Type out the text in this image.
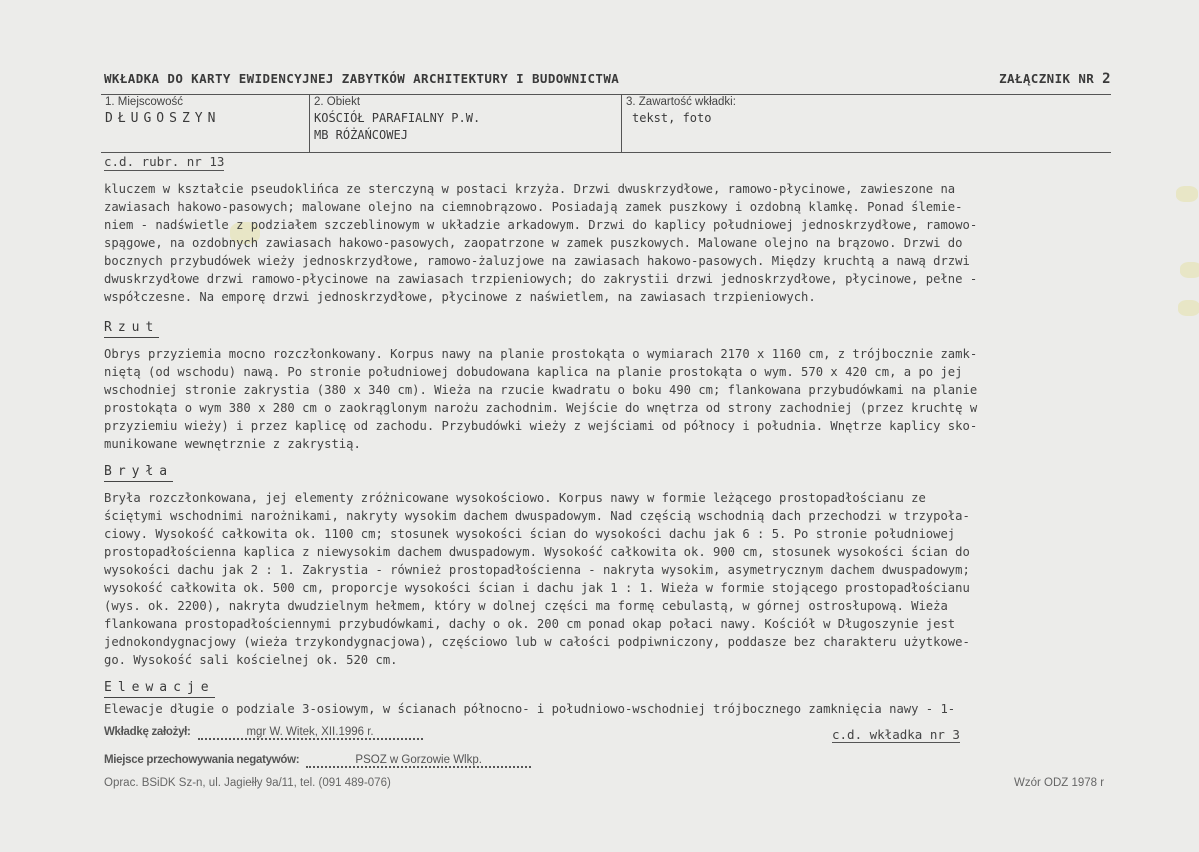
WKŁADKA DO KARTY EWIDENCYJNEJ ZABYTKÓW ARCHITEKTURY I BUDOWNICTWA	ZAŁĄCZNIK NR 2
1. Miejscowość
DŁUGOSZYN
2. Obiekt
KOŚCIÓŁ PARAFIALNY P.W.
MB RÓŻAŃCOWEJ
3. Zawartość wkładki:
tekst, foto
c.d. rubr. nr 13
kluczem w kształcie pseudoklińca ze sterczyną w postaci krzyża. Drzwi dwuskrzydłowe, ramowo-płycinowe, zawieszone na
zawiasach hakowo-pasowych; malowane olejno na ciemnobrązowo. Posiadają zamek puszkowy i ozdobną klamkę. Ponad ślemie-
niem - nadświetle z podziałem szczeblinowym w układzie arkadowym. Drzwi do kaplicy południowej jednoskrzydłowe, ramowo-
spągowe, na ozdobnych zawiasach hakowo-pasowych, zaopatrzone w zamek puszkowych. Malowane olejno na brązowo. Drzwi do
bocznych przybudówek wieży jednoskrzydłowe, ramowo-żaluzjowe na zawiasach hakowo-pasowych. Między kruchtą a nawą drzwi
dwuskrzydłowe drzwi ramowo-płycinowe na zawiasach trzpieniowych; do zakrystii drzwi jednoskrzydłowe, płycinowe, pełne -
współczesne. Na emporę drzwi jednoskrzydłowe, płycinowe z naświetlem, na zawiasach trzpieniowych.
Rzut
Obrys przyziemia mocno rozczłonkowany. Korpus nawy na planie prostokąta o wymiarach 2170 x 1160 cm, z trójbocznie zamk-
niętą (od wschodu) nawą. Po stronie południowej dobudowana kaplica na planie prostokąta o wym. 570 x 420 cm, a po jej
wschodniej stronie zakrystia (380 x 340 cm). Wieża na rzucie kwadratu o boku 490 cm; flankowana przybudówkami na planie
prostokąta o wym 380 x 280 cm o zaokrąglonym narożu zachodnim. Wejście do wnętrza od strony zachodniej (przez kruchtę w
przyziemiu wieży) i przez kaplicę od zachodu. Przybudówki wieży z wejściami od północy i południa. Wnętrze kaplicy sko-
munikowane wewnętrznie z zakrystią.
Bryła
Bryła rozczłonkowana, jej elementy zróżnicowane wysokościowo. Korpus nawy w formie leżącego prostopadłościanu ze
ściętymi wschodnimi narożnikami, nakryty wysokim dachem dwuspadowym. Nad częścią wschodnią dach przechodzi w trzypoła-
ciowy. Wysokość całkowita ok. 1100 cm; stosunek wysokości ścian do wysokości dachu jak 6 : 5. Po stronie południowej
prostopadłościenna kaplica z niewysokim dachem dwuspadowym. Wysokość całkowita ok. 900 cm, stosunek wysokości ścian do
wysokości dachu jak 2 : 1. Zakrystia - również prostopadłościenna - nakryta wysokim, asymetrycznym dachem dwuspadowym;
wysokość całkowita ok. 500 cm, proporcje wysokości ścian i dachu jak 1 : 1. Wieża w formie stojącego prostopadłościanu
(wys. ok. 2200), nakryta dwudzielnym hełmem, który w dolnej części ma formę cebulastą, w górnej ostrosłupową. Wieża
flankowana prostopadłościennymi przybudówkami, dachy o ok. 200 cm ponad okap połaci nawy. Kościół w Długoszynie jest
jednokondygnacjowy (wieża trzykondygnacjowa), częściowo lub w całości podpiwniczony, poddasze bez charakteru użytkowe-
go. Wysokość sali kościelnej ok. 520 cm.
Elewacje
Elewacje długie o podziale 3-osiowym, w ścianach północno- i południowo-wschodniej trójbocznego zamknięcia nawy - 1-
Wkładkę założył:	mgr W. Witek, XII.1996 r.	c.d. wkładka nr 3
Miejsce przechowywania negatywów:	PSOZ w Gorzowie Wlkp.
Oprac. BSiDK Sz-n, ul. Jagiełły 9a/11, tel. (091 489-076)	Wzór ODZ 1978 r
